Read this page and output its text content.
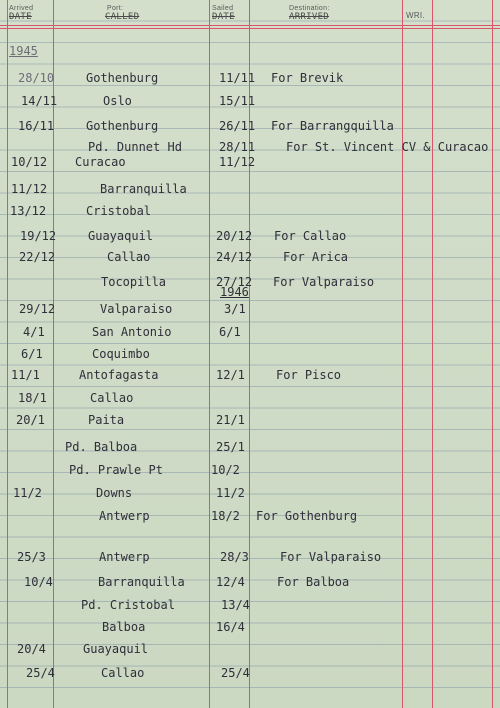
Arrived
DATE
Port:
CALLED
Sailed
DATE
Destination:
ARRIVED	WRI.
1945
1946
28/10	Gothenburg	11/11 For Brevik
14/11	Oslo	15/11
16/11	Gothenburg	26/11 For Barrangquilla
Pd. Dunnet Hd	28/11	For St. Vincent CV & Curacao
10/12 Curacao	11/12
11/12	Barranquilla
13/12	Cristobal
19/12	Guayaquil	20/12 For Callao
22/12	Callao	24/12	For Arica
Tocopilla	27/12 For Valparaiso
29/12	Valparaiso	3/1
4/1	San Antonio	6/1
6/1	Coquimbo
11/1	Antofagasta	12/1	For Pisco
18/1	Callao
20/1	Paita	21/1
Pd. Balboa	25/1
Pd. Prawle Pt	10/2
11/2	Downs	11/2
Antwerp	18/2 For Gothenburg
25/3	Antwerp	28/3	For Valparaiso
10/4	Barranquilla	12/4	For Balboa
Pd. Cristobal	13/4
Balboa	16/4
20/4	Guayaquil
25/4	Callao	25/4
